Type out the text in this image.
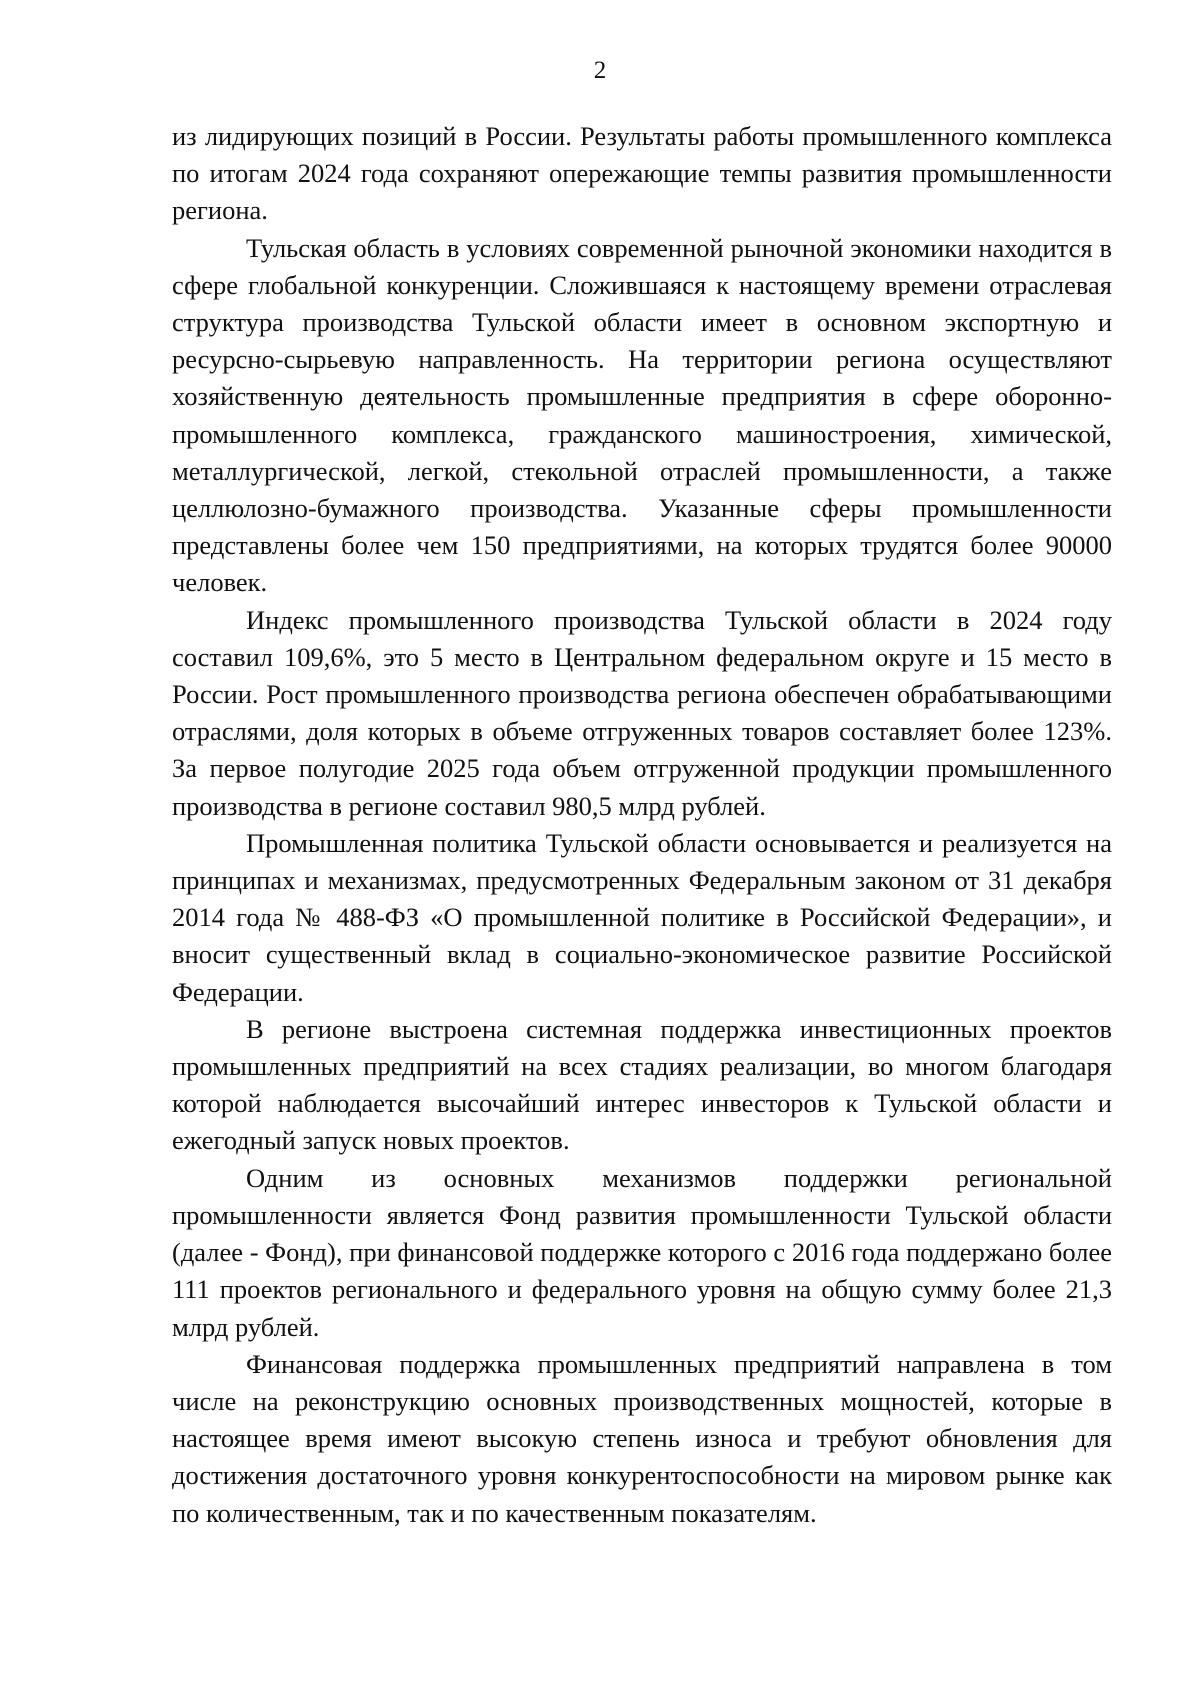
2

из лидирующих позиций в России. Результаты работы промышленного комплекса по итогам 2024 года сохраняют опережающие темпы развития промышленности региона.

Тульская область в условиях современной рыночной экономики находится в сфере глобальной конкуренции. Сложившаяся к настоящему времени отраслевая структура производства Тульской области имеет в основном экспортную и ресурсно-сырьевую направленность. На территории региона осуществляют хозяйственную деятельность промышленные предприятия в сфере оборонно-промышленного комплекса, гражданского машиностроения, химической, металлургической, легкой, стекольной отраслей промышленности, а также целлюлозно-бумажного производства. Указанные сферы промышленности представлены более чем 150 предприятиями, на которых трудятся более 90000 человек.

Индекс промышленного производства Тульской области в 2024 году составил 109,6%, это 5 место в Центральном федеральном округе и 15 место в России. Рост промышленного производства региона обеспечен обрабатывающими отраслями, доля которых в объеме отгруженных товаров составляет более 123%. За первое полугодие 2025 года объем отгруженной продукции промышленного производства в регионе составил 980,5 млрд рублей.

Промышленная политика Тульской области основывается и реализуется на принципах и механизмах, предусмотренных Федеральным законом от 31 декабря 2014 года № 488-ФЗ «О промышленной политике в Российской Федерации», и вносит существенный вклад в социально-экономическое развитие Российской Федерации.

В регионе выстроена системная поддержка инвестиционных проектов промышленных предприятий на всех стадиях реализации, во многом благодаря которой наблюдается высочайший интерес инвесторов к Тульской области и ежегодный запуск новых проектов.

Одним из основных механизмов поддержки региональной промышленности является Фонд развития промышленности Тульской области (далее - Фонд), при финансовой поддержке которого с 2016 года поддержано более 111 проектов регионального и федерального уровня на общую сумму более 21,3 млрд рублей.

Финансовая поддержка промышленных предприятий направлена в том числе на реконструкцию основных производственных мощностей, которые в настоящее время имеют высокую степень износа и требуют обновления для достижения достаточного уровня конкурентоспособности на мировом рынке как по количественным, так и по качественным показателям.
